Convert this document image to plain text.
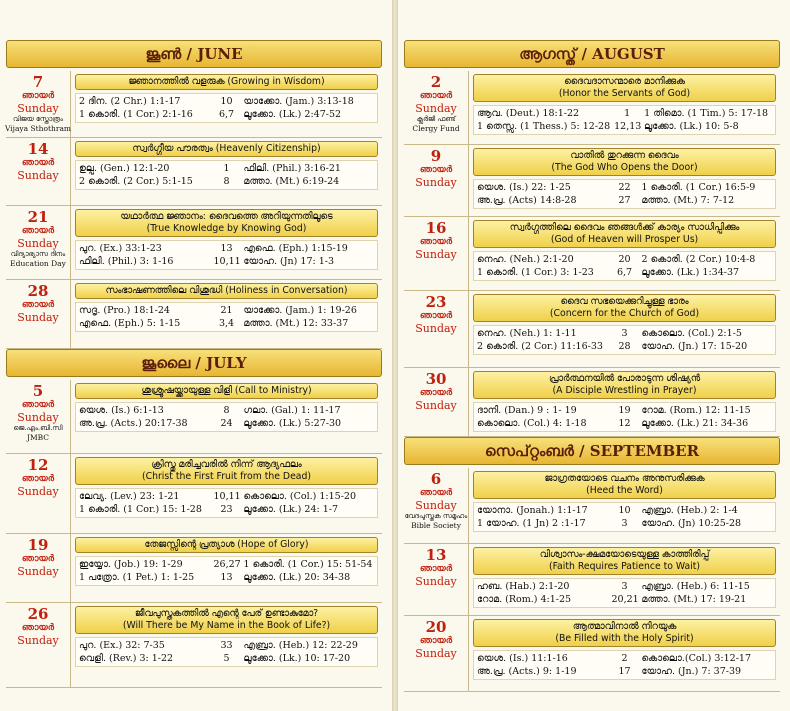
ജൂൺ / JUNE
7
ഞായർ
Sunday
വിജയ സ്തോത്രം
Vijaya Sthothram
ജ്ഞാനത്തിൽ വളരുക (Growing in Wisdom)
2 ദിന. (2 Chr.) 1:1-17	10	യാക്കോ. (Jam.) 3:13-18
1 കൊരി. (1 Cor.) 2:1-16	6,7 ലൂക്കോ. (Lk.) 2:47-52
14
ഞായർ
Sunday
സ്വർഗ്ഗീയ പൗരത്വം (Heavenly Citizenship)
ഉല്പ. (Gen.) 12:1-20	1	ഫിലി. (Phil.) 3:16-21
2 കൊരി. (2 Cor.) 5:1-15	8	മത്താ. (Mt.) 6:19-24
21
ഞായർ
Sunday
വിദ്യാഭ്യാസ ദിനം
Education Day
യഥാർത്ഥ ജ്ഞാനം: ദൈവത്തെ അറിയുന്നതിലൂടെ
(True Knowledge by Knowing God)
പുറ. (Ex.) 33:1-23	13	എഫെ. (Eph.) 1:15-19
ഫിലി. (Phil.) 3: 1-16	10,11 യോഹ. (Jn) 17: 1-3
28
ഞായർ
Sunday
സംഭാഷണത്തിലെ വിശുദ്ധി (Holiness in Conversation)
സദൃ. (Pro.) 18:1-24	21	യാക്കോ. (Jam.) 1: 19-26
എഫെ. (Eph.) 5: 1-15	3,4 മത്താ. (Mt.) 12: 33-37
ജൂലൈ / JULY
5
ഞായർ
Sunday
ജെ.എം.ബി.സി
JMBC
ശുശ്രൂഷയ്ക്കായുള്ള വിളി (Call to Ministry)
യെശ. (Is.) 6:1-13	8	ഗലാ. (Gal.) 1: 11-17
അ.പ്ര. (Acts.) 20:17-38	24	ലൂക്കോ. (Lk.) 5:27-30
12
ഞായർ
Sunday
ക്രിസ്തു മരിച്ചവരിൽ നിന്ന് ആദ്യഫലം
(Christ the First Fruit from the Dead)
ലേവ്യ. (Lev.) 23: 1-21	10,11 കൊലൊ. (Col.) 1:15-20
1 കൊരി. (1 Cor.) 15: 1-28	23	ലൂക്കോ. (Lk.) 24: 1-7
19
ഞായർ
Sunday
തേജസ്സിന്റെ പ്രത്യാശ (Hope of Glory)
ഇയ്യോ. (Job.) 19: 1-29	26,27 1 കൊരി. (1 Cor.) 15: 51-54
1 പത്രോ. (1 Pet.) 1: 1-25	13	ലൂക്കോ. (Lk.) 20: 34-38
26
ഞായർ
Sunday
ജീവപുസ്തകത്തിൽ എന്റെ പേര് ഉണ്ടാകുമോ?
(Will There be My Name in the Book of Life?)
പുറ. (Ex.) 32: 7-35	33	എബ്രാ. (Heb.) 12: 22-29
വെളി. (Rev.) 3: 1-22	5	ലൂക്കോ. (Lk.) 10: 17-20
ആഗസ്ത് / AUGUST
2
ഞായർ
Sunday
ക്ലർജി ഫണ്ട്
Clergy Fund
ദൈവദാസന്മാരെ മാനിക്കുക
(Honor the Servants of God)
ആവ. (Deut.) 18:1-22	1	1 തിമൊ. (1 Tim.) 5: 17-18
1 തെസ്സ. (1 Thess.) 5: 12-28 12,13 ലൂക്കോ. (Lk.) 10: 5-8
9
ഞായർ
Sunday
വാതിൽ തുറക്കുന്ന ദൈവം
(The God Who Opens the Door)
യെശ. (Is.) 22: 1-25	22	1 കൊരി. (1 Cor.) 16:5-9
അ.പ്ര. (Acts) 14:8-28	27	മത്താ. (Mt.) 7: 7-12
16
ഞായർ
Sunday
സ്വർഗ്ഗത്തിലെ ദൈവം ഞങ്ങൾക്ക് കാര്യം സാധിപ്പിക്കും
(God of Heaven will Prosper Us)
നെഹ. (Neh.) 2:1-20	20	2 കൊരി. (2 Cor.) 10:4-8
1 കൊരി. (1 Cor.) 3: 1-23	6,7 ലൂക്കോ. (Lk.) 1:34-37
23
ഞായർ
Sunday
ദൈവ സഭയെക്കുറിച്ചുള്ള ഭാരം
(Concern for the Church of God)
നെഹ. (Neh.) 1: 1-11	3	കൊലൊ. (Col.) 2:1-5
2 കൊരി. (2 Cor.) 11:16-33	28	യോഹ. (Jn.) 17: 15-20
30
ഞായർ
Sunday
പ്രാർത്ഥനയിൽ പോരാടുന്ന ശിഷ്യൻ
(A Disciple Wrestling in Prayer)
ദാനി. (Dan.) 9 : 1- 19	19	റോമ. (Rom.) 12: 11-15
കൊലൊ. (Col.) 4: 1-18	12	ലൂക്കോ. (Lk.) 21: 34-36
സെപ്റ്റംബർ / SEPTEMBER
6
ഞായർ
Sunday
വേദപുസ്തക സമൂഹം
Bible Society
ജാഗ്രതയോടെ വചനം അനുസരിക്കുക
(Heed the Word)
യോനാ. (Jonah.) 1:1-17	10	എബ്രാ. (Heb.) 2: 1-4
1 യോഹ. (1 Jn) 2 :1-17	3	യോഹ. (Jn) 10:25-28
13
ഞായർ
Sunday
വിശ്വാസം-ക്ഷമയോടെയുള്ള കാത്തിരിപ്പ്
(Faith Requires Patience to Wait)
ഹബ. (Hab.) 2:1-20	3	എബ്രാ. (Heb.) 6: 11-15
റോമ. (Rom.) 4:1-25	20,21 മത്താ. (Mt.) 17: 19-21
20
ഞായർ
Sunday
ആത്മാവിനാൽ നിറയുക
(Be Filled with the Holy Spirit)
യെശ. (Is.) 11:1-16	2	കൊലൊ.(Col.) 3:12-17
അ.പ്ര. (Acts.) 9: 1-19	17	യോഹ. (Jn.) 7: 37-39
